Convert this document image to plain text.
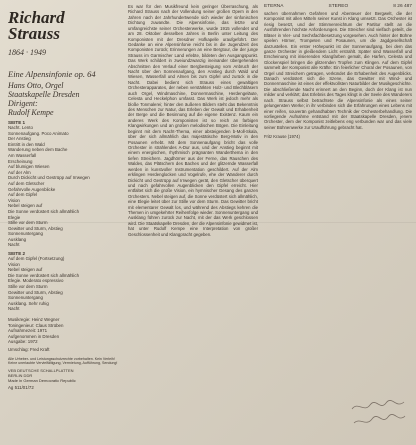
Richard
Strauss
1864 · 1949
Eine Alpensinfonie op. 64
Hans Otto, Orgel
Staatskapelle Dresden
Dirigent:
Rudolf Kempe
SEITE 1
Nacht. Lento
Sonnenaufgang. Poco Animato
Der Anstieg
Eintritt in den Wald
Wanderung neben dem Bache
Am Wasserfall
Erscheinung
Auf blumigen Wiesen
Auf der Alm
Durch Dickicht und Gestrüpp auf Irrwegen
Auf dem Gletscher
Gefahrvolle Augenblicke
Auf dem Gipfel
Vision
Nebel steigen auf
Die Sonne verdüstert sich allmählich
Elegie
Stille vor dem Sturm
Gewitter und Sturm, Abstieg
Sonnenuntergang
Ausklang
Nacht
SEITE 2
Auf dem Gipfel (Fortsetzung)
Vision
Nebel steigen auf
Die Sonne verdüstert sich allmählich
Elegie. Moderato espressivo
Stille vor dem Sturm
Gewitter und Sturm, Abstieg
Sonnenuntergang
Ausklang. Sehr ruhig
Nacht
Musikregie: Heinz Wegner
Toningenieur: Claus Strüben
Aufnahmezeit: 1971
Aufgenommen in Dresden
Ausgabe: 1972
Umschlag: Fred Kraft
Alle Urheber- und Leistungsschutzrechte vorbehalten. Kein Verleih! Keine unerlaubte Vervielfältigung, Vermietung, Aufführung, Sendung!
VEB DEUTSCHE SCHALLPLATTEN
BERLIN DDR
Made in German Democratic Republic
Ag 511/01/72
Es war für den Musikfreund kein geringer Überraschung, als Richard Strauss nach der Vollendung seiner großen Opern in den Jahren nach der Jahrhundertwende sich wieder der sinfonischen Dichtung zuwandte. Die Alpensinfonie, das letzte und umfangreichste seiner Orchesterwerke, wurde 1915 vollendet und am 28. Oktober desselben Jahres in Berlin unter Leitung des Komponisten mit der Dresdner Hofkapelle uraufgeführt. Der Gedanke an eine Alpensinfonie reicht bis in die Jugendzeit des Komponisten zurück; Erinnerungen an eine Bergtour, die der junge Strauss im Garmischer Land erlebte, bildeten den Ausgangspunkt. Das Werk schildert in zweiundzwanzig ineinander übergehenden Abschnitten den Verlauf einer Bergbesteigung vom Anbruch der Nacht über den Sonnenaufgang, den Anstieg durch Wald und Wiesen, Wasserfall und Almen bis zum Gipfel und zurück in die Nacht. Dabei bedient sich Strauss eines gewaltigen Orchesterapparates, der neben verstärkten Holz- und Blechbläsern auch Orgel, Windmaschine, Donnermaschine, Herdengeläute, Celesta und Heckelphon umfasst. Das Werk ist jedoch mehr als bloße Tonmalerei; hinter den äußeren Bildern steht das Bekenntnis des Menschen zur Natur, das Erleben der Gewalt und Erhabenheit der Berge und die Besinnung auf die eigene Existenz. Kaum ein anderes Werk des Komponisten ist so reich an farbigen Klangwirkungen und an großen melodischen Bögen. Die Einleitung beginnt mit dem Nacht-Thema, einer absteigenden b-Moll-Skala, über der sich allmählich das majestätische Berg-Motiv in den Posaunen erhebt. Mit dem Sonnenaufgang bricht das volle Orchester in strahlendes A-Dur aus, und der Anstieg beginnt mit einem energischen, rhythmisch prägnanten Wanderthema in den tiefen Streichern. Jagdhörner aus der Ferne, das Rauschen des Waldes, das Plätschern des Baches und der glitzernde Wasserfall werden in kunstvoller Instrumentation geschildert. Auf der Alm erklingen Herdenglocken und Vogelrufe, ehe der Wanderer durch Dickicht und Gestrüpp auf Irrwegen gerät, den Gletscher überquert und nach gefahrvollen Augenblicken den Gipfel erreicht. Hier entfaltet sich die große Vision, ein hymnischer Gesang des ganzen Orchesters. Nebel steigen auf, die Sonne verdüstert sich allmählich, eine Elegie leitet über zur Stille vor dem Sturm. Das Gewitter bricht mit elementarer Gewalt los, und während des Abstiegs kehren die Themen in umgekehrter Reihenfolge wieder. Sonnenuntergang und Ausklang führen zurück zur Nacht, mit der das Werk geschlossen wird. Die Staatskapelle Dresden, der die Alpensinfonie gewidmet ist, hat unter Rudolf Kempe eine Interpretation von großer Geschlossenheit und Klangpracht gegeben.
ETERNA	STEREO	8 26 487
sachen übernahmen Gefahren und Abenteuer der Bergwelt, die der Komponist mit allen Mitteln seiner Kunst in Klang umsetzt. Das Orchester ist riesig besetzt, und der Stimmenreichtum der Partitur stellt an die Ausführenden höchste Anforderungen. Die Streicher sind vielfach geteilt, die Bläser in Vier- und Sechsfachbesetzung vorgesehen. Auch hinter der Bühne spielen Hörner, Trompeten und Posaunen, um die Jagdgesellschaft darzustellen. Ein erster Höhepunkt ist der Sonnenaufgang, bei dem das ganze Orchester in gleißendem Licht erstrahlt. Später sind Wasserfall und Erscheinung mit irisierenden Klangfarben gemalt, die Harfen, Celesta und Glockenspiel bringen die glitzernden Tropfen zum Klingen. Auf dem Gipfel sammelt der Komponist alle Kräfte: Ein feierlicher Choral der Posaunen, von Orgel und Streichern getragen, verkündet die Erhabenheit des Augenblicks. Danach verdüstert sich die Szene, das Gewitter mit Wind- und Donnermaschine ist eines der effektvollsten Naturbilder der Musikgeschichte. Die abschließende Nacht erinnert an den Beginn, doch der Klang ist nun milder und verklärt; das Erlebnis des Tages klingt in der Seele des Wanderers nach. Strauss selbst betrachtete die Alpensinfonie als eines seiner gelungensten Werke; in ihr verbinden sich die Erfahrungen eines Lebens mit einer reifen, souverän gehandhabten Technik der Orchesterbehandlung. Die vorliegende Aufnahme entstand mit der Staatskapelle Dresden, jenem Orchester, dem der Komponist zeitlebens eng verbunden war und das viele seiner Bühnenwerke zur Uraufführung gebracht hat.
Fritz Krause (1974)
